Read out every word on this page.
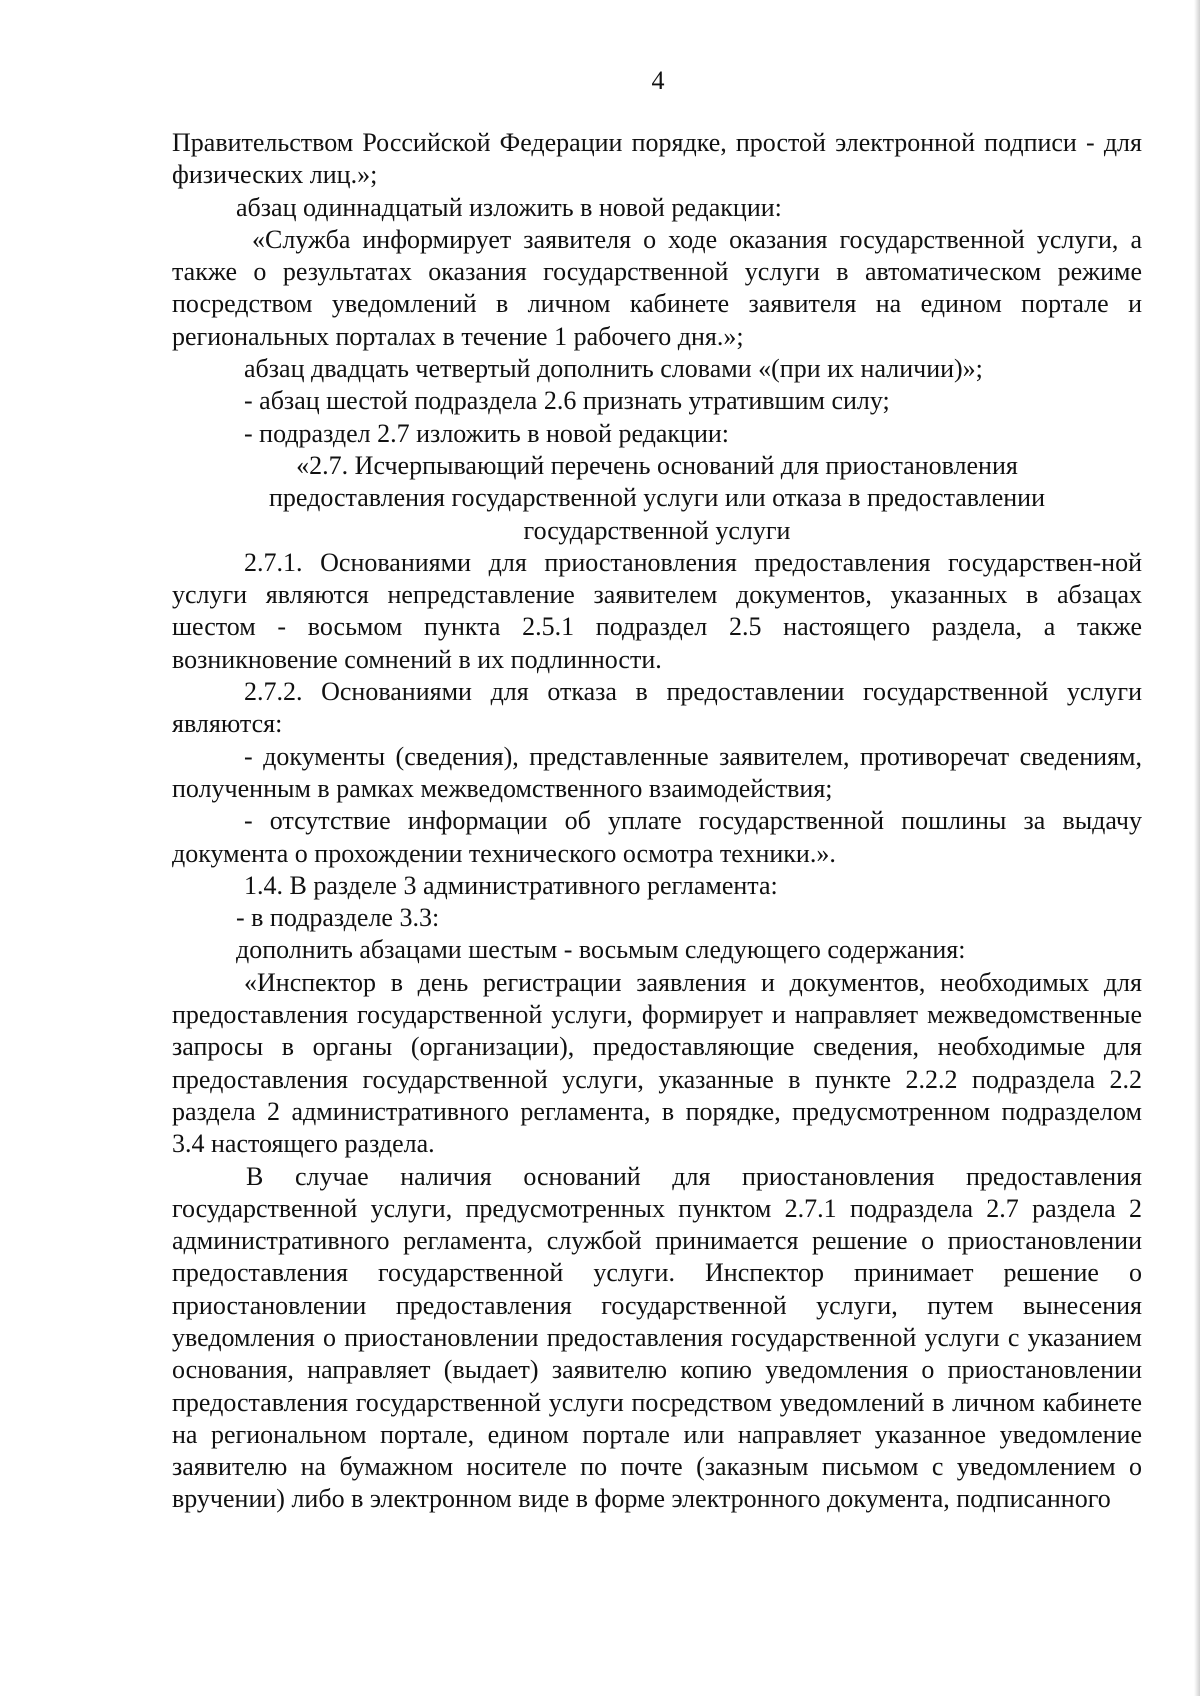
4

Правительством Российской Федерации порядке, простой электронной подписи - для физических лиц.»;

абзац одиннадцатый изложить в новой редакции:

«Служба информирует заявителя о ходе оказания государственной услуги, а также о результатах оказания государственной услуги в автоматическом режиме посредством уведомлений в личном кабинете заявителя на едином портале и региональных порталах в течение 1 рабочего дня.»;

абзац двадцать четвертый дополнить словами «(при их наличии)»;

- абзац шестой подраздела 2.6 признать утратившим силу;

- подраздел 2.7 изложить в новой редакции:

«2.7. Исчерпывающий перечень оснований для приостановления

предоставления государственной услуги или отказа в предоставлении

государственной услуги

2.7.1. Основаниями для приостановления предоставления государствен-ной услуги являются непредставление заявителем документов, указанных в абзацах шестом - восьмом пункта 2.5.1 подраздел 2.5 настоящего раздела, а также возникновение сомнений в их подлинности.

2.7.2. Основаниями для отказа в предоставлении государственной услуги являются:

- документы (сведения), представленные заявителем, противоречат сведениям, полученным в рамках межведомственного взаимодействия;

- отсутствие информации об уплате государственной пошлины за выдачу документа о прохождении технического осмотра техники.».

1.4. В разделе 3 административного регламента:

- в подразделе 3.3:

дополнить абзацами шестым - восьмым следующего содержания:

«Инспектор в день регистрации заявления и документов, необходимых для предоставления государственной услуги, формирует и направляет межведомственные запросы в органы (организации), предоставляющие сведения, необходимые для предоставления государственной услуги, указанные в пункте 2.2.2 подраздела 2.2 раздела 2 административного регламента, в порядке, предусмотренном подразделом 3.4 настоящего раздела.

В случае наличия оснований для приостановления предоставления государственной услуги, предусмотренных пунктом 2.7.1 подраздела 2.7 раздела 2 административного регламента, службой принимается решение о приостановлении предоставления государственной услуги. Инспектор принимает решение о приостановлении предоставления государственной услуги, путем вынесения уведомления о приостановлении предоставления государственной услуги с указанием основания, направляет (выдает) заявителю копию уведомления о приостановлении предоставления государственной услуги посредством уведомлений в личном кабинете на региональном портале, едином портале или направляет указанное уведомление заявителю на бумажном носителе по почте (заказным письмом с уведомлением о вручении) либо в электронном виде в форме электронного документа, подписанного
